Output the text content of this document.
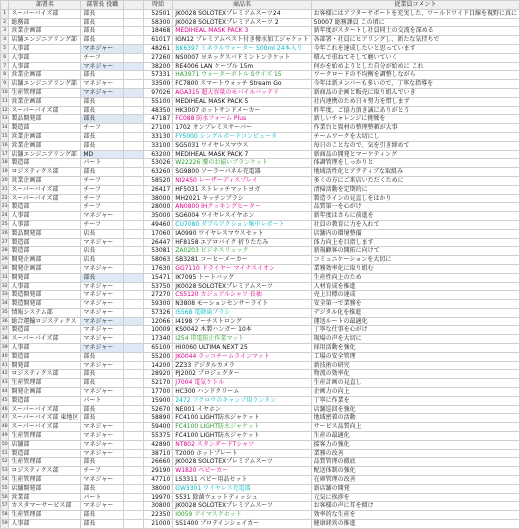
	部署名	部署長 役職		時給	商品名	従業員コメント
1	スーパーバイズ部	部長		52501	JK0028 SOLOTEXプレミアムスーツ24	お客様にはアフターサポートを充実した、ワールドワイド目線を視野に真に
2	総務部	部長		58300	JK0028 SOLOTEXプレミアムスーツ 2	50007 総務課員 この頃に
3	営業企画部	部長		18468	MEDIHEAL MASK PACK 3	新年度がスタートし社員同士の交流を深める
4	店舗エンジニアリング部	部長		61017	IGN12 プレミアムベスト付き撥水加工ジャケット	各部署・社員にヒアリングし、新たな気持ちで
5	人事部	マネジャー		48261	BK6397 ミネラルウォーター 500ml 24本入り	今年これを達成したいと思っています
6	人事部	チーフ		27260	NS0007 ヨネックスバドミントンラケット	積んで重ねてそして磨いていく
7	人事部	マネジャー		38200	RE4006 LAN ケーブル 15m	何かを始めようとした自分が始めに これ
8	営業企画部	部長		57331	HA3971 ウォーターボトル Sサイズ 15	ワークロードの不均衡を調整しながら
9	店舗エンジニアリング部	マネジャー		33500	FC7800 スマートウォッチ Stream Go	今年は新メンバーも多いので、丁寧な指導を
10	生産管理部	マネジャー		97026	AGA315 超大容量のモバイルバッテリ	新商品の企画と販売に取り組んでいき
11	営業企画部	部長		55100	MEDIHEAL MASK PACK 5	社内連携のため日々努力を惜しまず
12	スーパーバイズ部	部長		48350	HK3007 ホットサンドメーカー	昨年度、ご協力頂き誠にありがとう
13	製品開発部	部長		47187	FC088 防水フォーム Plus	新しいチャレンジに挑戦を
14	製造部	チーフ		27100	1702 オンプレミスサーバー	作業台と資材の整理整頓が大事
15	営業企画部	部長		33130	FY5000 シングルボードコンピュータ	チームワークを大切にし
16	営業企画部	部長		33100	SG5031 ワイヤレスマウス	毎日のことなので、気を引き締めて
17	店舗エンジニアリング部	MD		63200	MEDIHEAL MASK PACK 7	新商品の開発とマーケティング
18	製造部	パート		53026	W22226 腰のお揃いブランケット	体調管理をしっかりと
19	ロジスティクス部	部長		63260	SG9800 ソーラーパネル充電器	地域活性化とアクティブな取組み
20	営業企画部	チーフ		58520	NI2450 レーザーディスプレイ	多くの方にご来店いただくために
21	スーパーバイズ部	チーフ		26417	HF5031 ストレッチマットヨガ	清掃活動を定期的に
22	スーパーバイズ部	チーフ		38000	MH2021 キッチンブラシ	製造ラインの見直しをはかり
23	製造部	チーフ		28000	AN0800 IHクッキングヒーター	品質第一を心がけ
24	人事部	マネジャー		35000	SG6004 ワイヤレスイヤホン	新年度はさらに前進を
25	人事部	チーフ		49460	CU7080 ダブルアクション集中レポート	社員の教育に力を入れて
26	製品開発部	店長		17060	IA0990 ワイヤレスマウスセット	店舗内の環境整備
27	製造部	マネジャー		26447	HF8158 エアロバイク 折りたたみ	体力向上を目指します
28	製造部	店長		53081	ZA0203 ビジネスリュック	新規顧客の開拓に向けて
29	開発企画部	店長		58063	SB3281 コーヒーメーカー	コミュニケーションを大切に
30	開発企画部	マネジャー		17630	GG7110 ドライヤー マイナスイオン	業務効率化に取り組む
31	開発部	部長		15471	IK7095 トートバッグ	生産性向上のため
32	人事部	マネジャー		53750	JK0028 SOLOTEXプレミアムスーツ	人材育成を推進
33	製造開発部	マネジャー		27270	CS5120 カジュアルシャツ 長袖	売上目標の達成
34	製造開発部	マネジャー		59300	N3808 モーションセンサーライト	安全第一で業務を
35	情報システム部	マネジャー		57326	I5568 電動歯ブラシ	デジタル化を推進
36	総合運輸ロジスティクス	マネジャー		12066	I4198 アーチストロング	運送ルートの最適化
37	製造部	マネジャー		10009	KS0042 木製ハンガー 10本	丁寧な仕事を心がけ
38	スーパーバイズ部	マネジャー		17340	I254 帯電防止作業マット	現場の声を大切に
39	人事部	マネジャー		65100	HI0060 ULTIMA NEXT 25	採用活動を強化
40	製造部	部長		55200	JK0044 ラッコチームラインマット	工場の安全管理
41	開発部	マネジャー		14200	ZZ33 デジタルカメラ	新技術の研究
42	ロジスティクス部	部長		28920	PJ2002 プロジェクター	物流の効率化
43	生産管理部	部長		52170	J7004 電気ケトル	生産計画の見直し
44	開発企画部	マネジャー		17700	HC300 ハンドクリーム	企画力の向上
45	製造部	パート		15900	2472 フクロウのキャンプ用ランタン	丁寧に作業を
46	スーパーバイズ部	部長		52670	NE001 イヤホン	店舗巡回を強化
47	スーパーバイズ部 東地区	部長		58890	FC4100 LIGHT防水ジャケット	地域密着の活動
48	スーパーバイズ部	マネジャー		59400	FC4100 LIGHT防水ジャケット	サービス品質向上
49	生産管理部	マネジャー		55375	FC4100 LIGHT防水ジャケット	生産の最適化
50	店舗部	マネジャー		42890	NT802 スタンダードTシャツ	接客力の強化
51	製造部	マネジャー		38710	T2000 ホットプレート	業務の改善
52	生産管理部	部長		26660	JK0028 SOLOTEXプレミアムスーツ	品質管理の徹底
53	ロジスティクス部	チーフ		29190	W1820 ベビーカー	配送体制の強化
54	生産管理部	マネジャー		47710	LS3311 ベビー用品セット	在庫管理の改善
55	店舗開発部	部長		38000	GW3301 ワイヤレス充電器	新店舗の開発
56	営業部	パート		19970	5531 除菌ウェットティッシュ	元気に挨拶を
57	カスタマーサービス部	マネジャー		30800	JK0028 SOLOTEXプレミアムスーツ	お客様の声に耳を傾け
58	生産管理部	部長		22350	I0059 アイマスクホット	効率的な生産を
59	人事部	部長		21000	SS1400 プロテインシェイカー	健康経営の推進
